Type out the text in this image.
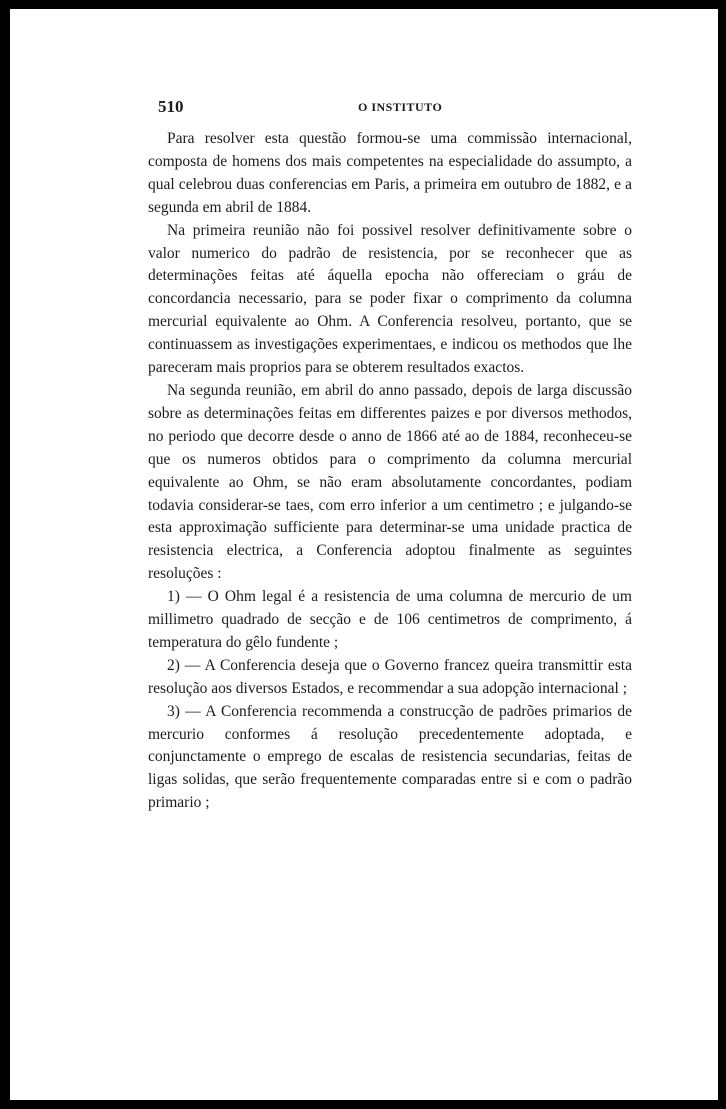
510	O INSTITUTO

Para resolver esta questão formou-se uma commissão internacional, composta de homens dos mais competentes na especialidade do assumpto, a qual celebrou duas conferencias em Paris, a primeira em outubro de 1882, e a segunda em abril de 1884.

Na primeira reunião não foi possivel resolver definitivamente sobre o valor numerico do padrão de resistencia, por se reconhecer que as determinações feitas até áquella epocha não offereciam o gráu de concordancia necessario, para se poder fixar o comprimento da columna mercurial equivalente ao Ohm. A Conferencia resolveu, portanto, que se continuassem as investigações experimentaes, e indicou os methodos que lhe pareceram mais proprios para se obterem resultados exactos.

Na segunda reunião, em abril do anno passado, depois de larga discussão sobre as determinações feitas em differentes paizes e por diversos methodos, no periodo que decorre desde o anno de 1866 até ao de 1884, reconheceu-se que os numeros obtidos para o comprimento da columna mercurial equivalente ao Ohm, se não eram absolutamente concordantes, podiam todavia considerar-se taes, com erro inferior a um centimetro ; e julgando-se esta approximação sufficiente para determinar-se uma unidade practica de resistencia electrica, a Conferencia adoptou finalmente as seguintes resoluções :

1) — O Ohm legal é a resistencia de uma columna de mercurio de um millimetro quadrado de secção e de 106 centimetros de comprimento, á temperatura do gêlo fundente ;

2) — A Conferencia deseja que o Governo francez queira transmittir esta resolução aos diversos Estados, e recommendar a sua adopção internacional ;

3) — A Conferencia recommenda a construcção de padrões primarios de mercurio conformes á resolução precedentemente adoptada, e conjunctamente o emprego de escalas de resistencia secundarias, feitas de ligas solidas, que serão frequentemente comparadas entre si e com o padrão primario ;
